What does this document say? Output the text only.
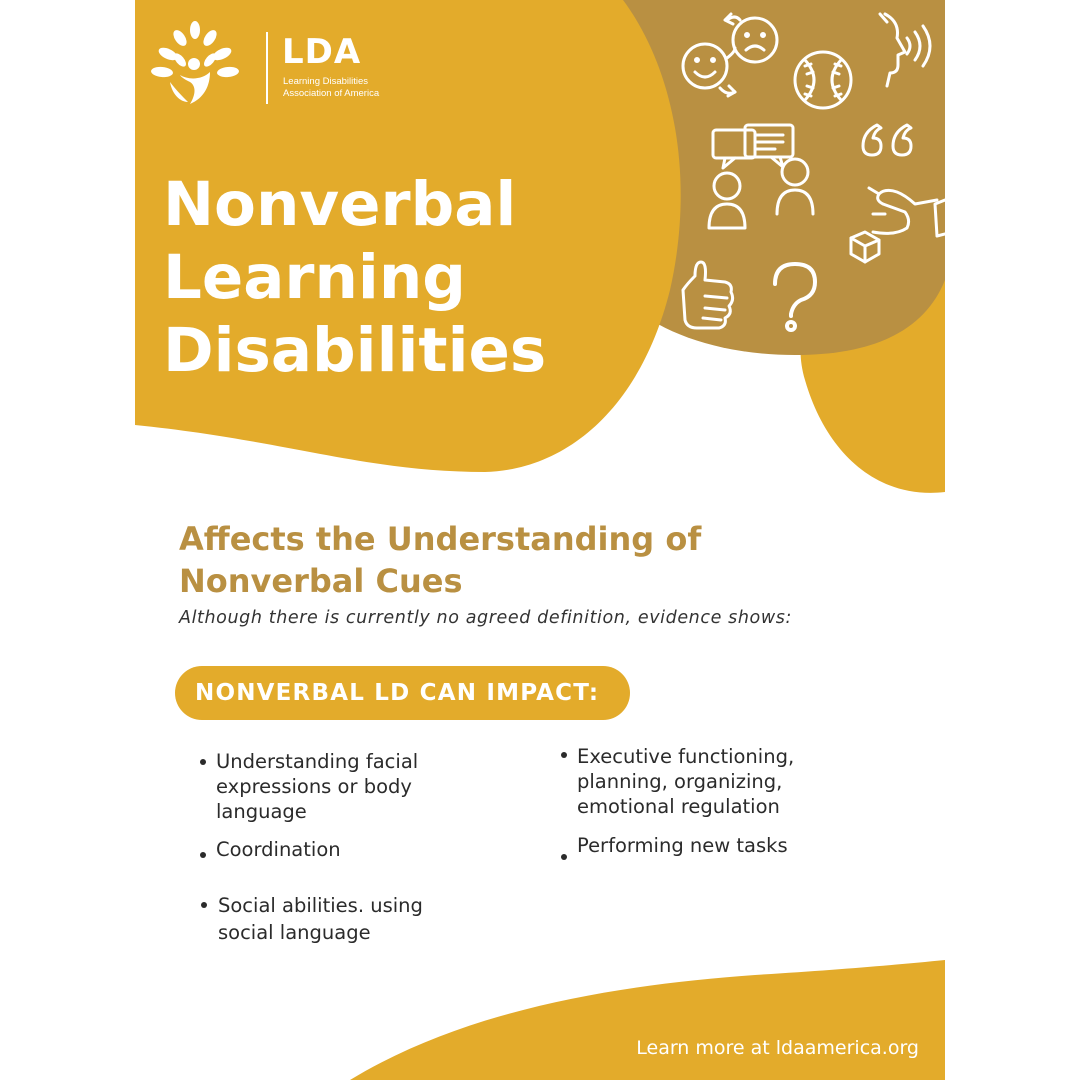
LDA
Learning Disabilities
Association of America
Nonverbal
Learning
Disabilities
Affects the Understanding of
Nonverbal Cues
Although there is currently no agreed definition, evidence shows:
NONVERBAL LD CAN IMPACT:
Understanding facial
expressions or body
language
Coordination
Social abilities. using
social language
Executive functioning,
planning, organizing,
emotional regulation
Performing new tasks
Learn more at ldaamerica.org
